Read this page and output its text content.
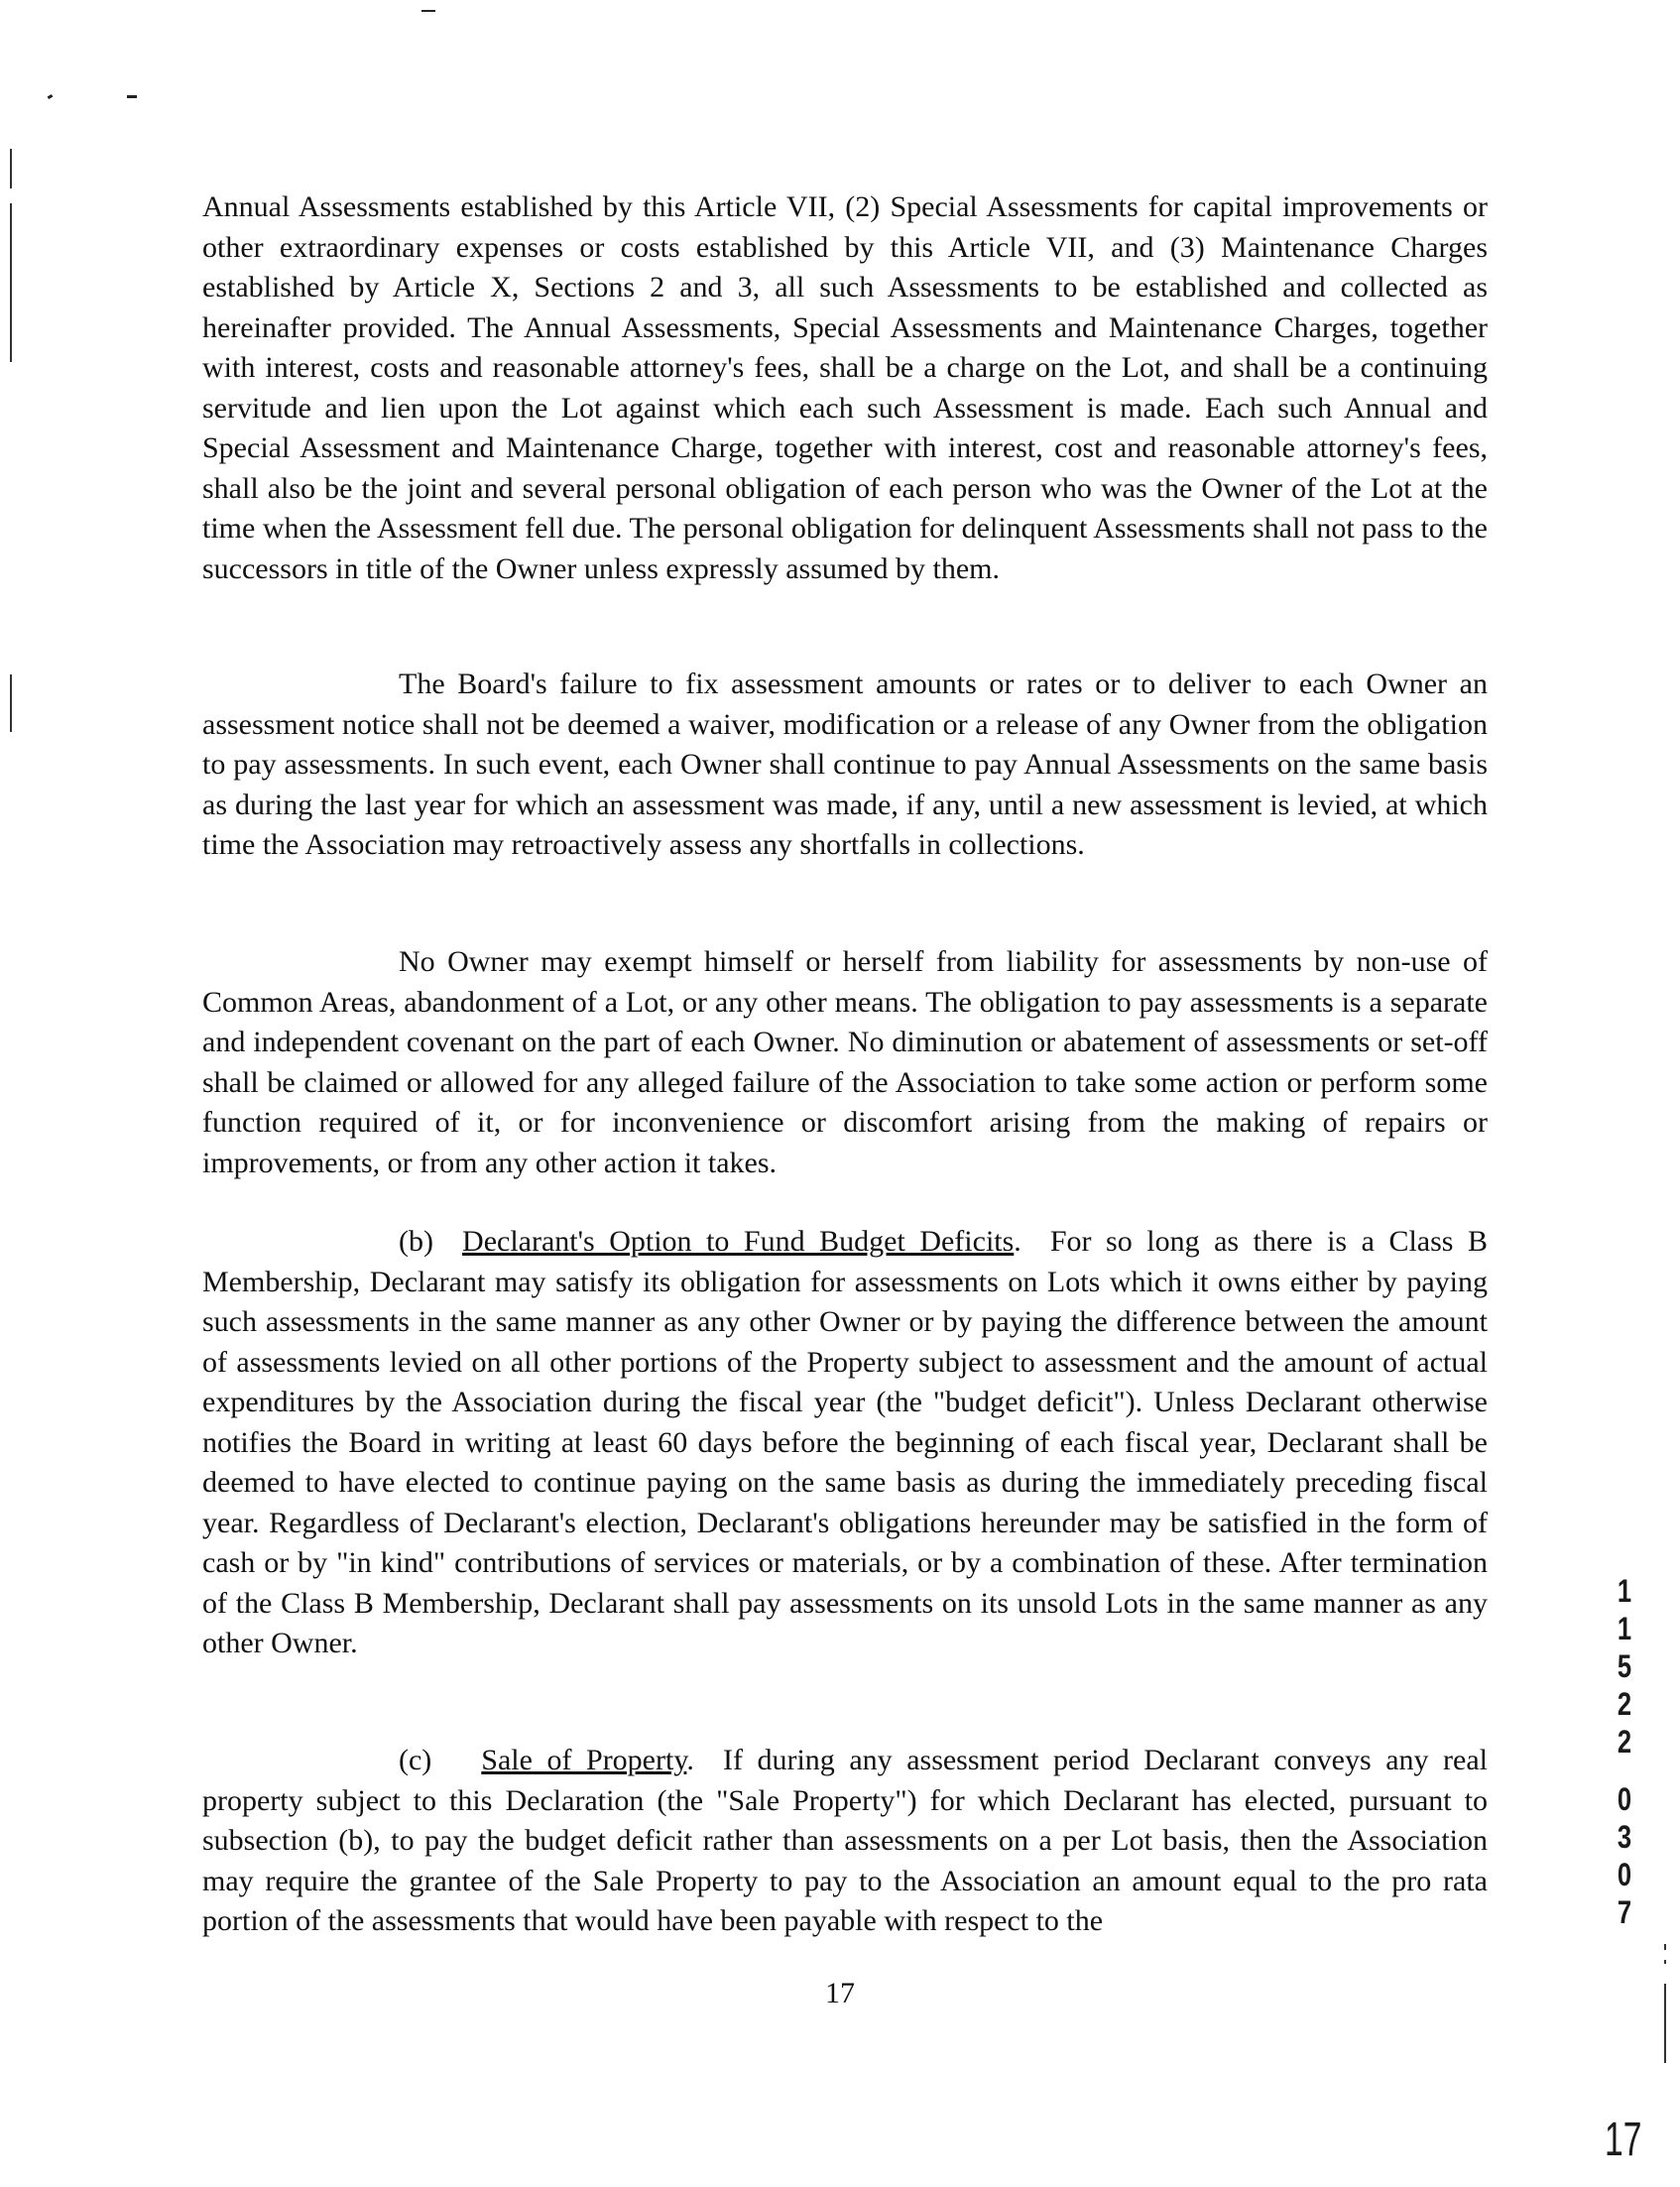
Annual Assessments established by this Article VII, (2) Special Assessments for capital improvements or other extraordinary expenses or costs established by this Article VII, and (3) Maintenance Charges established by Article X, Sections 2 and 3, all such Assessments to be established and collected as hereinafter provided. The Annual Assessments, Special Assessments and Maintenance Charges, together with interest, costs and reasonable attorney's fees, shall be a charge on the Lot, and shall be a continuing servitude and lien upon the Lot against which each such Assessment is made. Each such Annual and Special Assessment and Maintenance Charge, together with interest, cost and reasonable attorney's fees, shall also be the joint and several personal obligation of each person who was the Owner of the Lot at the time when the Assessment fell due. The personal obligation for delinquent Assessments shall not pass to the successors in title of the Owner unless expressly assumed by them.

The Board's failure to fix assessment amounts or rates or to deliver to each Owner an assessment notice shall not be deemed a waiver, modification or a release of any Owner from the obligation to pay assessments. In such event, each Owner shall continue to pay Annual Assessments on the same basis as during the last year for which an assessment was made, if any, until a new assessment is levied, at which time the Association may retroactively assess any shortfalls in collections.

No Owner may exempt himself or herself from liability for assessments by non-use of Common Areas, abandonment of a Lot, or any other means. The obligation to pay assessments is a separate and independent covenant on the part of each Owner. No diminution or abatement of assessments or set-off shall be claimed or allowed for any alleged failure of the Association to take some action or perform some function required of it, or for inconvenience or discomfort arising from the making of repairs or improvements, or from any other action it takes.

(b) Declarant's Option to Fund Budget Deficits. For so long as there is a Class B Membership, Declarant may satisfy its obligation for assessments on Lots which it owns either by paying such assessments in the same manner as any other Owner or by paying the difference between the amount of assessments levied on all other portions of the Property subject to assessment and the amount of actual expenditures by the Association during the fiscal year (the "budget deficit"). Unless Declarant otherwise notifies the Board in writing at least 60 days before the beginning of each fiscal year, Declarant shall be deemed to have elected to continue paying on the same basis as during the immediately preceding fiscal year. Regardless of Declarant's election, Declarant's obligations hereunder may be satisfied in the form of cash or by "in kind" contributions of services or materials, or by a combination of these. After termination of the Class B Membership, Declarant shall pay assessments on its unsold Lots in the same manner as any other Owner.

(c) Sale of Property. If during any assessment period Declarant conveys any real property subject to this Declaration (the "Sale Property") for which Declarant has elected, pursuant to subsection (b), to pay the budget deficit rather than assessments on a per Lot basis, then the Association may require the grantee of the Sale Property to pay to the Association an amount equal to the pro rata portion of the assessments that would have been payable with respect to the

17
1
1
5
2
2
0
3
0
7
17
